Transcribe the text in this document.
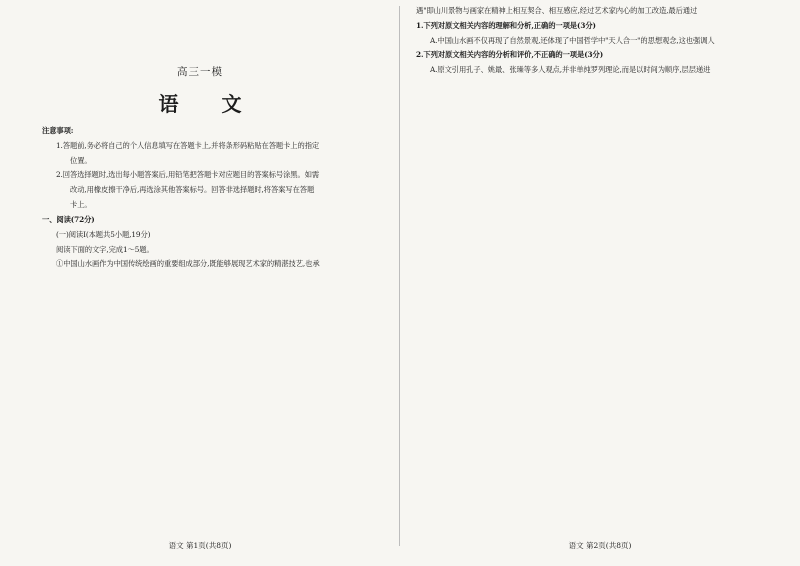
高三一模
语 文
注意事项:
1.答题前,务必将自己的个人信息填写在答题卡上,并将条形码粘贴在答题卡上的指定
位置。
2.回答选择题时,选出每小题答案后,用铅笔把答题卡对应题目的答案标号涂黑。如需
改动,用橡皮擦干净后,再选涂其他答案标号。回答非选择题时,将答案写在答题
卡上。
一、阅读(72分)
(一)阅读Ⅰ(本题共5小题,19分)
阅读下面的文字,完成1～5题。
①中国山水画作为中国传统绘画的重要组成部分,既能够展现艺术家的精湛技艺,也承
语文 第1页(共8页)
遇"即山川景物与画家在精神上相互契合、相互感应,经过艺术家内心的加工改造,最后通过
1.下列对原文相关内容的理解和分析,正确的一项是(3分)
A.中国山水画不仅再现了自然景观,还体现了中国哲学中"天人合一"的思想观念,这也强调人
2.下列对原文相关内容的分析和评价,不正确的一项是(3分)
A.原文引用孔子、姚最、张璪等多人观点,并非单纯罗列理论,而是以时间为顺序,层层递进
语文 第2页(共8页)
